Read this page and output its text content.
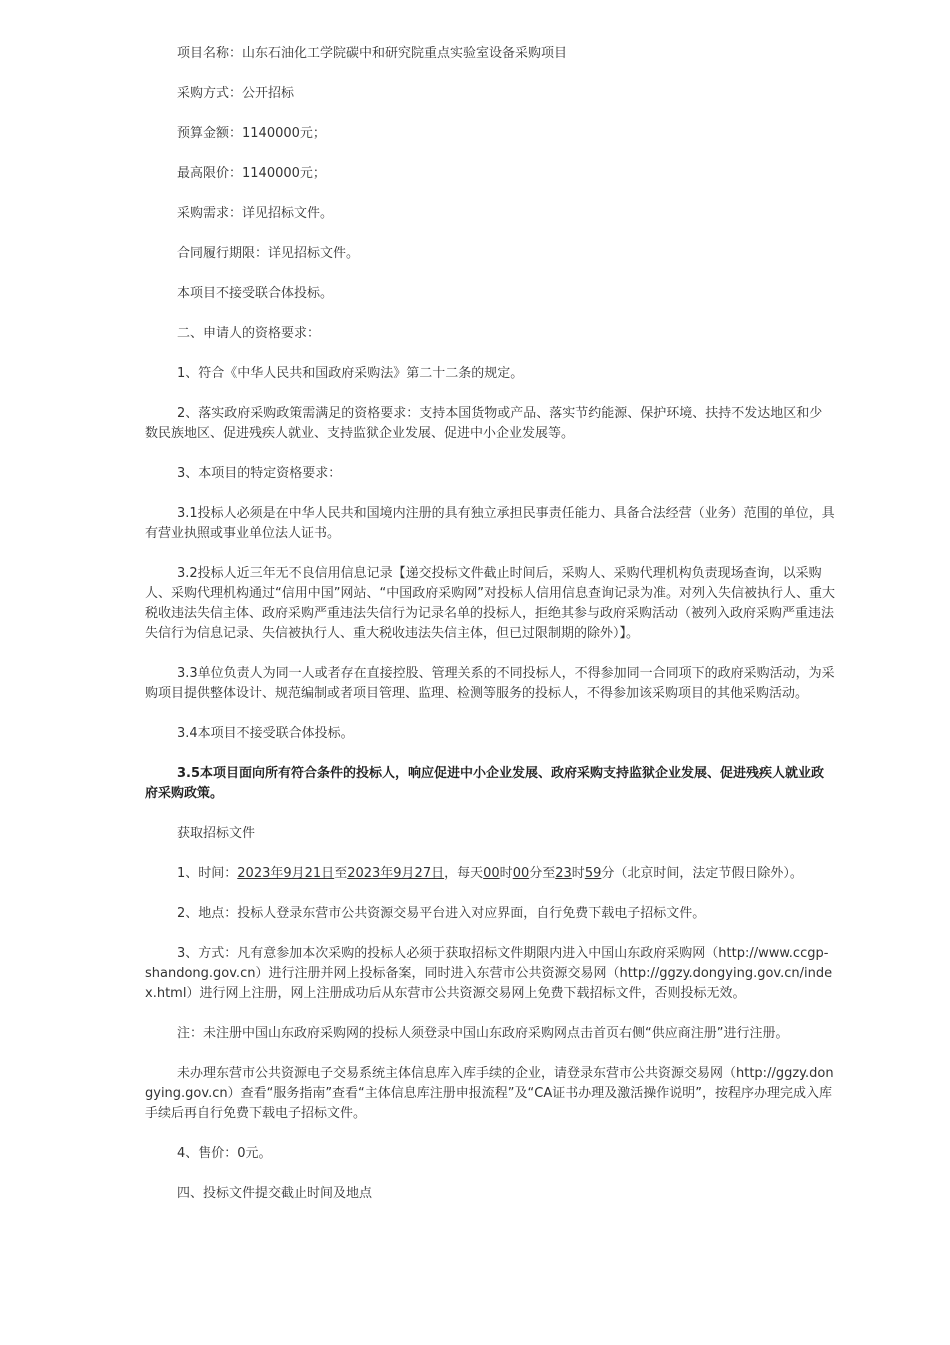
项目名称：山东石油化工学院碳中和研究院重点实验室设备采购项目

采购方式：公开招标

预算金额：1140000元；

最高限价：1140000元；

采购需求：详见招标文件。

合同履行期限：详见招标文件。

本项目不接受联合体投标。

二、申请人的资格要求：

1、符合《中华人民共和国政府采购法》第二十二条的规定。

2、落实政府采购政策需满足的资格要求：支持本国货物或产品、落实节约能源、保护环境、扶持不发达地区和少数民族地区、促进残疾人就业、支持监狱企业发展、促进中小企业发展等。

3、本项目的特定资格要求：

3.1投标人必须是在中华人民共和国境内注册的具有独立承担民事责任能力、具备合法经营（业务）范围的单位，具有营业执照或事业单位法人证书。

3.2投标人近三年无不良信用信息记录【递交投标文件截止时间后，采购人、采购代理机构负责现场查询，以采购人、采购代理机构通过“信用中国”网站、“中国政府采购网”对投标人信用信息查询记录为准。对列入失信被执行人、重大税收违法失信主体、政府采购严重违法失信行为记录名单的投标人，拒绝其参与政府采购活动（被列入政府采购严重违法失信行为信息记录、失信被执行人、重大税收违法失信主体，但已过限制期的除外）】。

3.3单位负责人为同一人或者存在直接控股、管理关系的不同投标人，不得参加同一合同项下的政府采购活动，为采购项目提供整体设计、规范编制或者项目管理、监理、检测等服务的投标人，不得参加该采购项目的其他采购活动。

3.4本项目不接受联合体投标。

3.5本项目面向所有符合条件的投标人，响应促进中小企业发展、政府采购支持监狱企业发展、促进残疾人就业政府采购政策。

获取招标文件

1、时间：2023年9月21日至2023年9月27日，每天00时00分至23时59分（北京时间，法定节假日除外）。

2、地点：投标人登录东营市公共资源交易平台进入对应界面，自行免费下载电子招标文件。

3、方式：凡有意参加本次采购的投标人必须于获取招标文件期限内进入中国山东政府采购网（http://www.ccgp-shandong.gov.cn）进行注册并网上投标备案，同时进入东营市公共资源交易网（http://ggzy.dongying.gov.cn/index.html）进行网上注册，网上注册成功后从东营市公共资源交易网上免费下载招标文件，否则投标无效。

注：未注册中国山东政府采购网的投标人须登录中国山东政府采购网点击首页右侧“供应商注册”进行注册。

未办理东营市公共资源电子交易系统主体信息库入库手续的企业，请登录东营市公共资源交易网（http://ggzy.dongying.gov.cn）查看“服务指南”查看“主体信息库注册申报流程”及“CA证书办理及激活操作说明”，按程序办理完成入库手续后再自行免费下载电子招标文件。

4、售价：0元。

四、投标文件提交截止时间及地点
